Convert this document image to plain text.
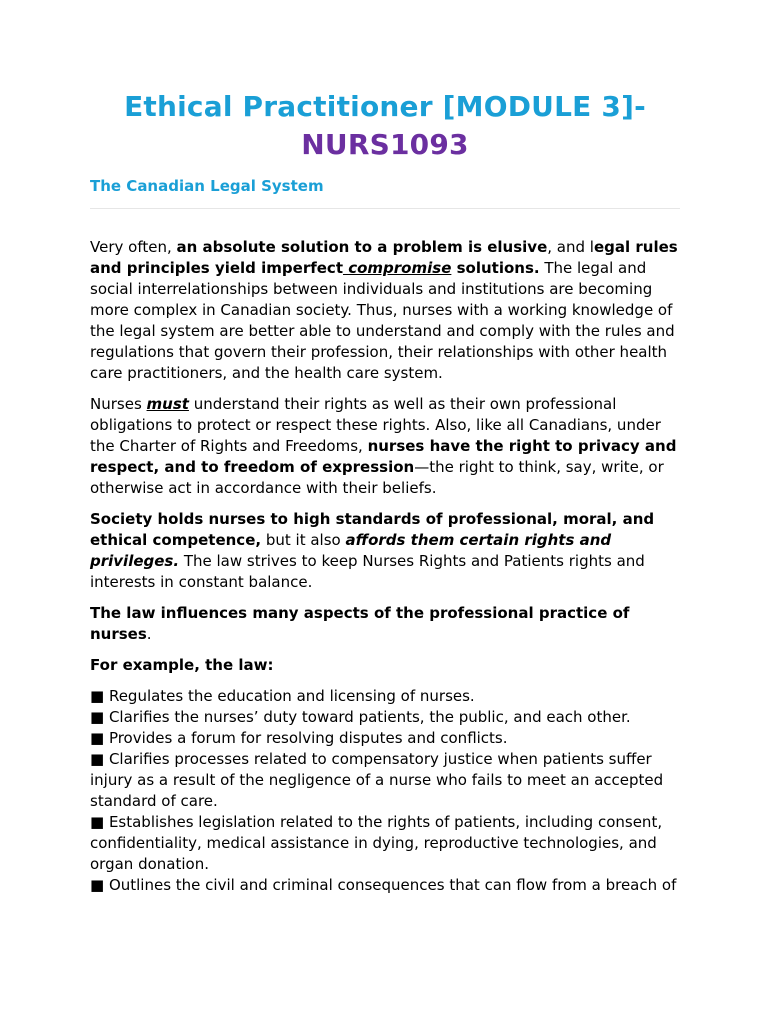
Ethical Practitioner [MODULE 3]-
NURS1093
The Canadian Legal System

Very often, an absolute solution to a problem is elusive, and legal rules and principles yield imperfect compromise solutions. The legal and social interrelationships between individuals and institutions are becoming more complex in Canadian society. Thus, nurses with a working knowledge of the legal system are better able to understand and comply with the rules and regulations that govern their profession, their relationships with other health care practitioners, and the health care system.

Nurses must understand their rights as well as their own professional obligations to protect or respect these rights. Also, like all Canadians, under the Charter of Rights and Freedoms, nurses have the right to privacy and respect, and to freedom of expression—the right to think, say, write, or otherwise act in accordance with their beliefs.

Society holds nurses to high standards of professional, moral, and ethical competence, but it also affords them certain rights and privileges. The law strives to keep Nurses Rights and Patients rights and interests in constant balance.

The law influences many aspects of the professional practice of nurses.

For example, the law:

■ Regulates the education and licensing of nurses.
■ Clarifies the nurses’ duty toward patients, the public, and each other.
■ Provides a forum for resolving disputes and conflicts.
■ Clarifies processes related to compensatory justice when patients suffer injury as a result of the negligence of a nurse who fails to meet an accepted standard of care.
■ Establishes legislation related to the rights of patients, including consent, confidentiality, medical assistance in dying, reproductive technologies, and organ donation.
■ Outlines the civil and criminal consequences that can flow from a breach of
